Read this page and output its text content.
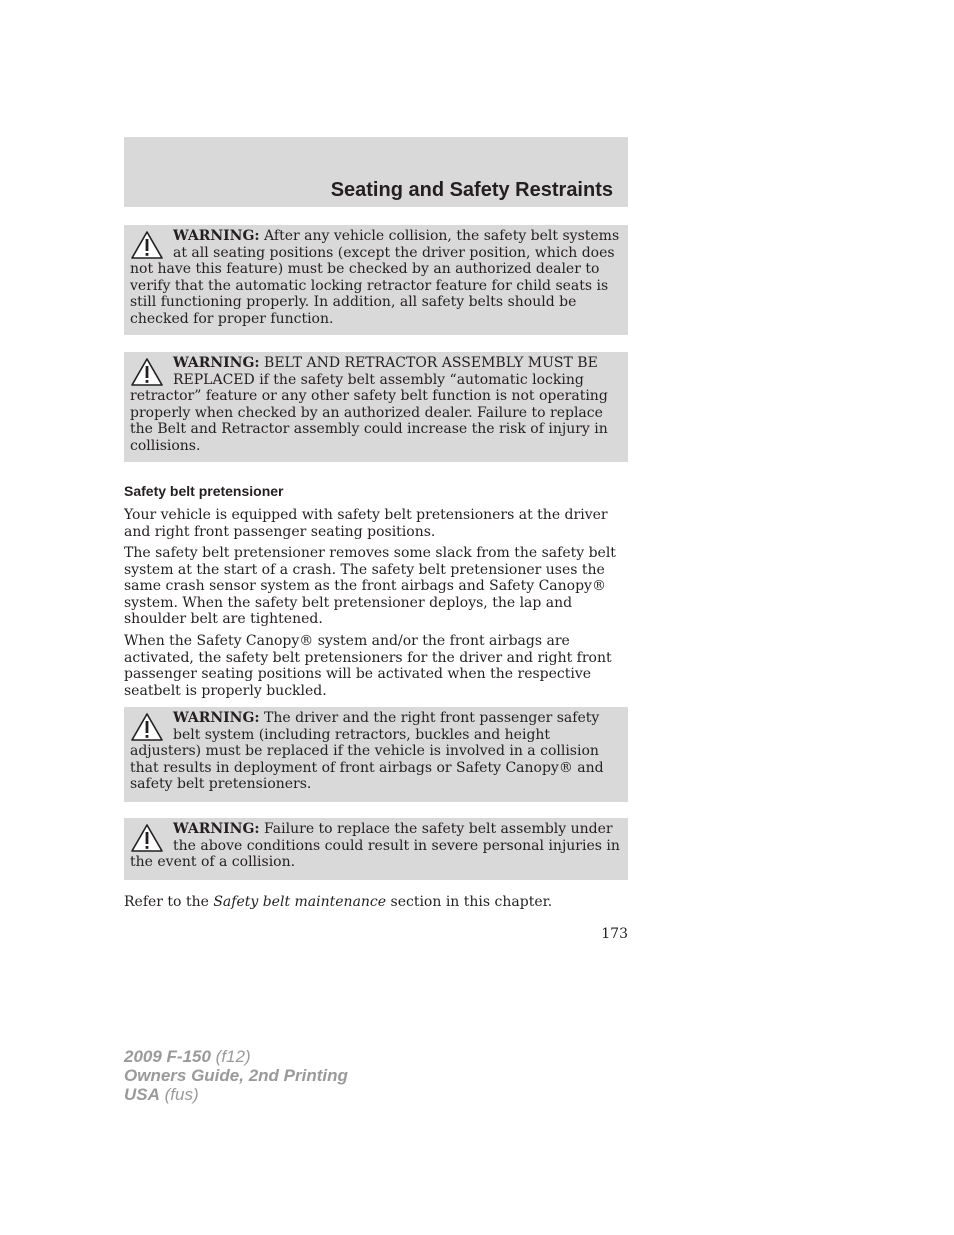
Seating and Safety Restraints
WARNING: After any vehicle collision, the safety belt systems at all seating positions (except the driver position, which does not have this feature) must be checked by an authorized dealer to verify that the automatic locking retractor feature for child seats is still functioning properly. In addition, all safety belts should be checked for proper function.
WARNING: BELT AND RETRACTOR ASSEMBLY MUST BE REPLACED if the safety belt assembly “automatic locking retractor” feature or any other safety belt function is not operating properly when checked by an authorized dealer. Failure to replace the Belt and Retractor assembly could increase the risk of injury in collisions.
Safety belt pretensioner

Your vehicle is equipped with safety belt pretensioners at the driver and right front passenger seating positions.

The safety belt pretensioner removes some slack from the safety belt system at the start of a crash. The safety belt pretensioner uses the same crash sensor system as the front airbags and Safety Canopy® system. When the safety belt pretensioner deploys, the lap and shoulder belt are tightened.

When the Safety Canopy® system and/or the front airbags are activated, the safety belt pretensioners for the driver and right front passenger seating positions will be activated when the respective seatbelt is properly buckled.

WARNING: The driver and the right front passenger safety belt system (including retractors, buckles and height adjusters) must be replaced if the vehicle is involved in a collision that results in deployment of front airbags or Safety Canopy® and safety belt pretensioners.
WARNING: Failure to replace the safety belt assembly under the above conditions could result in severe personal injuries in the event of a collision.

Refer to the Safety belt maintenance section in this chapter.

173
2009 F-150 (f12)
Owners Guide, 2nd Printing
USA (fus)
